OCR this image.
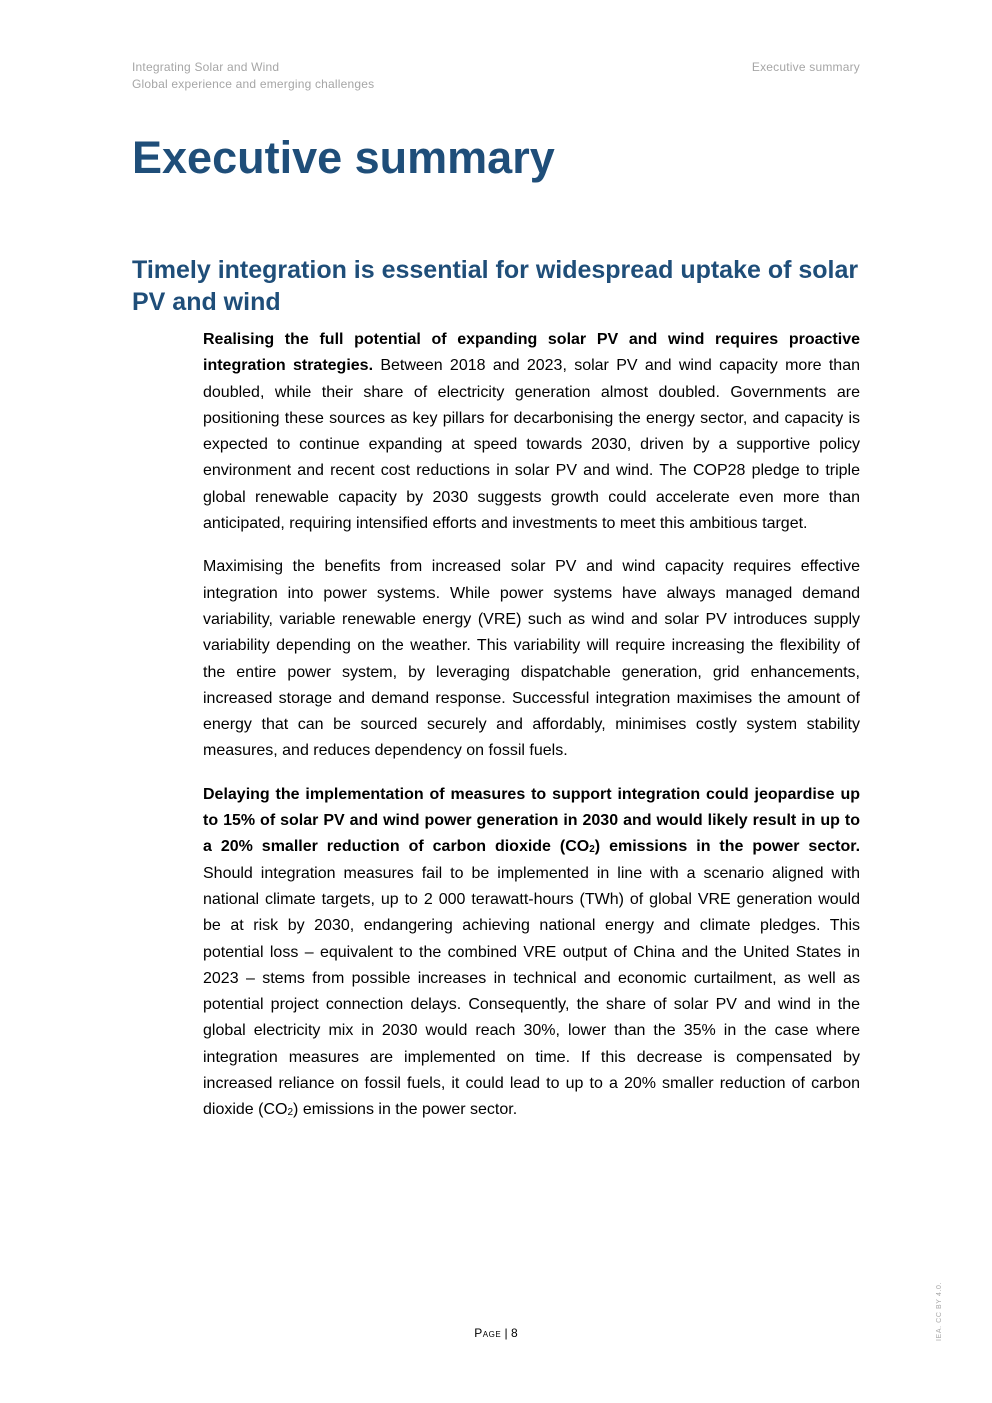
Integrating Solar and Wind
Global experience and emerging challenges
Executive summary
Executive summary
Timely integration is essential for widespread uptake of solar PV and wind

Realising the full potential of expanding solar PV and wind requires proactive integration strategies. Between 2018 and 2023, solar PV and wind capacity more than doubled, while their share of electricity generation almost doubled. Governments are positioning these sources as key pillars for decarbonising the energy sector, and capacity is expected to continue expanding at speed towards 2030, driven by a supportive policy environment and recent cost reductions in solar PV and wind. The COP28 pledge to triple global renewable capacity by 2030 suggests growth could accelerate even more than anticipated, requiring intensified efforts and investments to meet this ambitious target.

Maximising the benefits from increased solar PV and wind capacity requires effective integration into power systems. While power systems have always managed demand variability, variable renewable energy (VRE) such as wind and solar PV introduces supply variability depending on the weather. This variability will require increasing the flexibility of the entire power system, by leveraging dispatchable generation, grid enhancements, increased storage and demand response. Successful integration maximises the amount of energy that can be sourced securely and affordably, minimises costly system stability measures, and reduces dependency on fossil fuels.

Delaying the implementation of measures to support integration could jeopardise up to 15% of solar PV and wind power generation in 2030 and would likely result in up to a 20% smaller reduction of carbon dioxide (CO2) emissions in the power sector. Should integration measures fail to be implemented in line with a scenario aligned with national climate targets, up to 2 000 terawatt-hours (TWh) of global VRE generation would be at risk by 2030, endangering achieving national energy and climate pledges. This potential loss – equivalent to the combined VRE output of China and the United States in 2023 – stems from possible increases in technical and economic curtailment, as well as potential project connection delays. Consequently, the share of solar PV and wind in the global electricity mix in 2030 would reach 30%, lower than the 35% in the case where integration measures are implemented on time. If this decrease is compensated by increased reliance on fossil fuels, it could lead to up to a 20% smaller reduction of carbon dioxide (CO2) emissions in the power sector.

Page | 8	IEA. CC BY 4.0.
